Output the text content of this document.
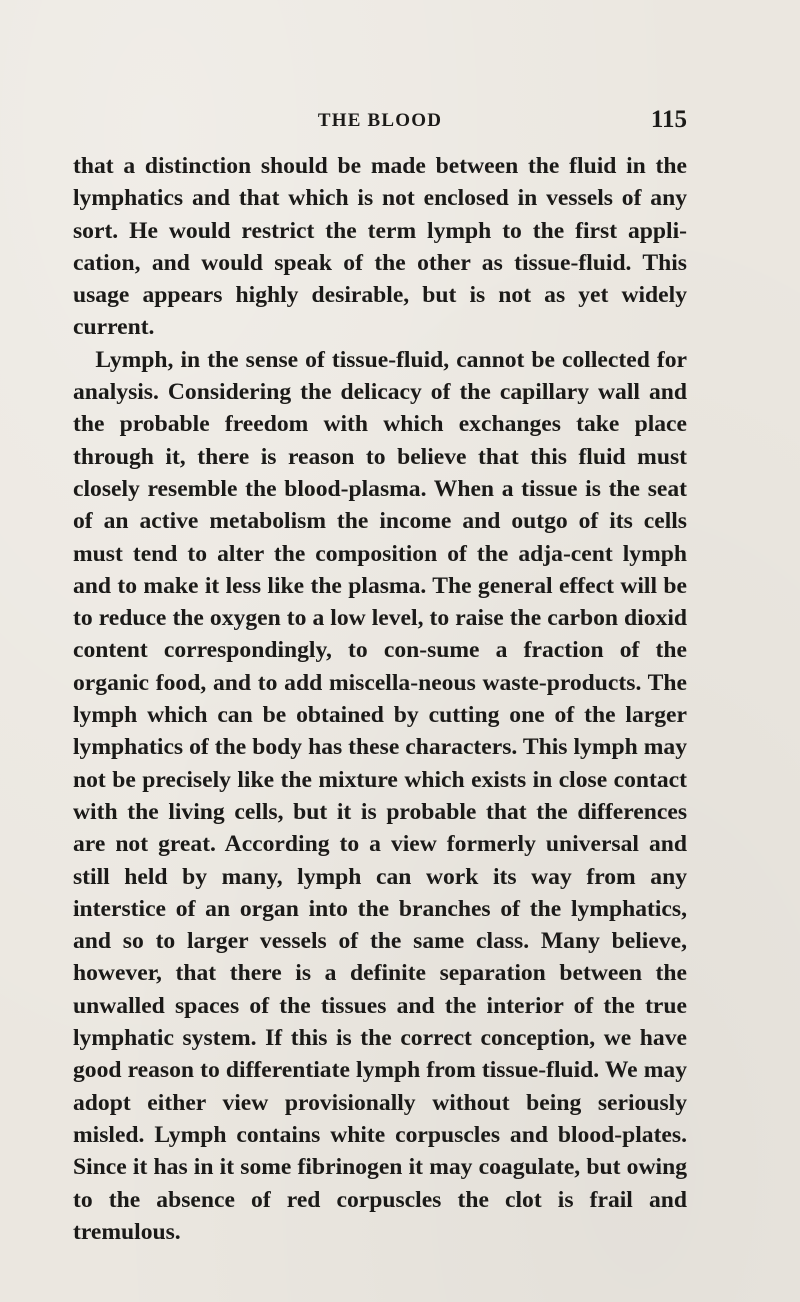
THE BLOOD	115

that a distinction should be made between the fluid in the lymphatics and that which is not enclosed in vessels of any sort. He would restrict the term lymph to the first appli-cation, and would speak of the other as tissue-fluid. This usage appears highly desirable, but is not as yet widely current.

Lymph, in the sense of tissue-fluid, cannot be collected for analysis. Considering the delicacy of the capillary wall and the probable freedom with which exchanges take place through it, there is reason to believe that this fluid must closely resemble the blood-plasma. When a tissue is the seat of an active metabolism the income and outgo of its cells must tend to alter the composition of the adja-cent lymph and to make it less like the plasma. The general effect will be to reduce the oxygen to a low level, to raise the carbon dioxid content correspondingly, to con-sume a fraction of the organic food, and to add miscella-neous waste-products. The lymph which can be obtained by cutting one of the larger lymphatics of the body has these characters. This lymph may not be precisely like the mixture which exists in close contact with the living cells, but it is probable that the differences are not great. According to a view formerly universal and still held by many, lymph can work its way from any interstice of an organ into the branches of the lymphatics, and so to larger vessels of the same class. Many believe, however, that there is a definite separation between the unwalled spaces of the tissues and the interior of the true lymphatic system. If this is the correct conception, we have good reason to differentiate lymph from tissue-fluid. We may adopt either view provisionally without being seriously misled. Lymph contains white corpuscles and blood-plates. Since it has in it some fibrinogen it may coagulate, but owing to the absence of red corpuscles the clot is frail and tremulous.
